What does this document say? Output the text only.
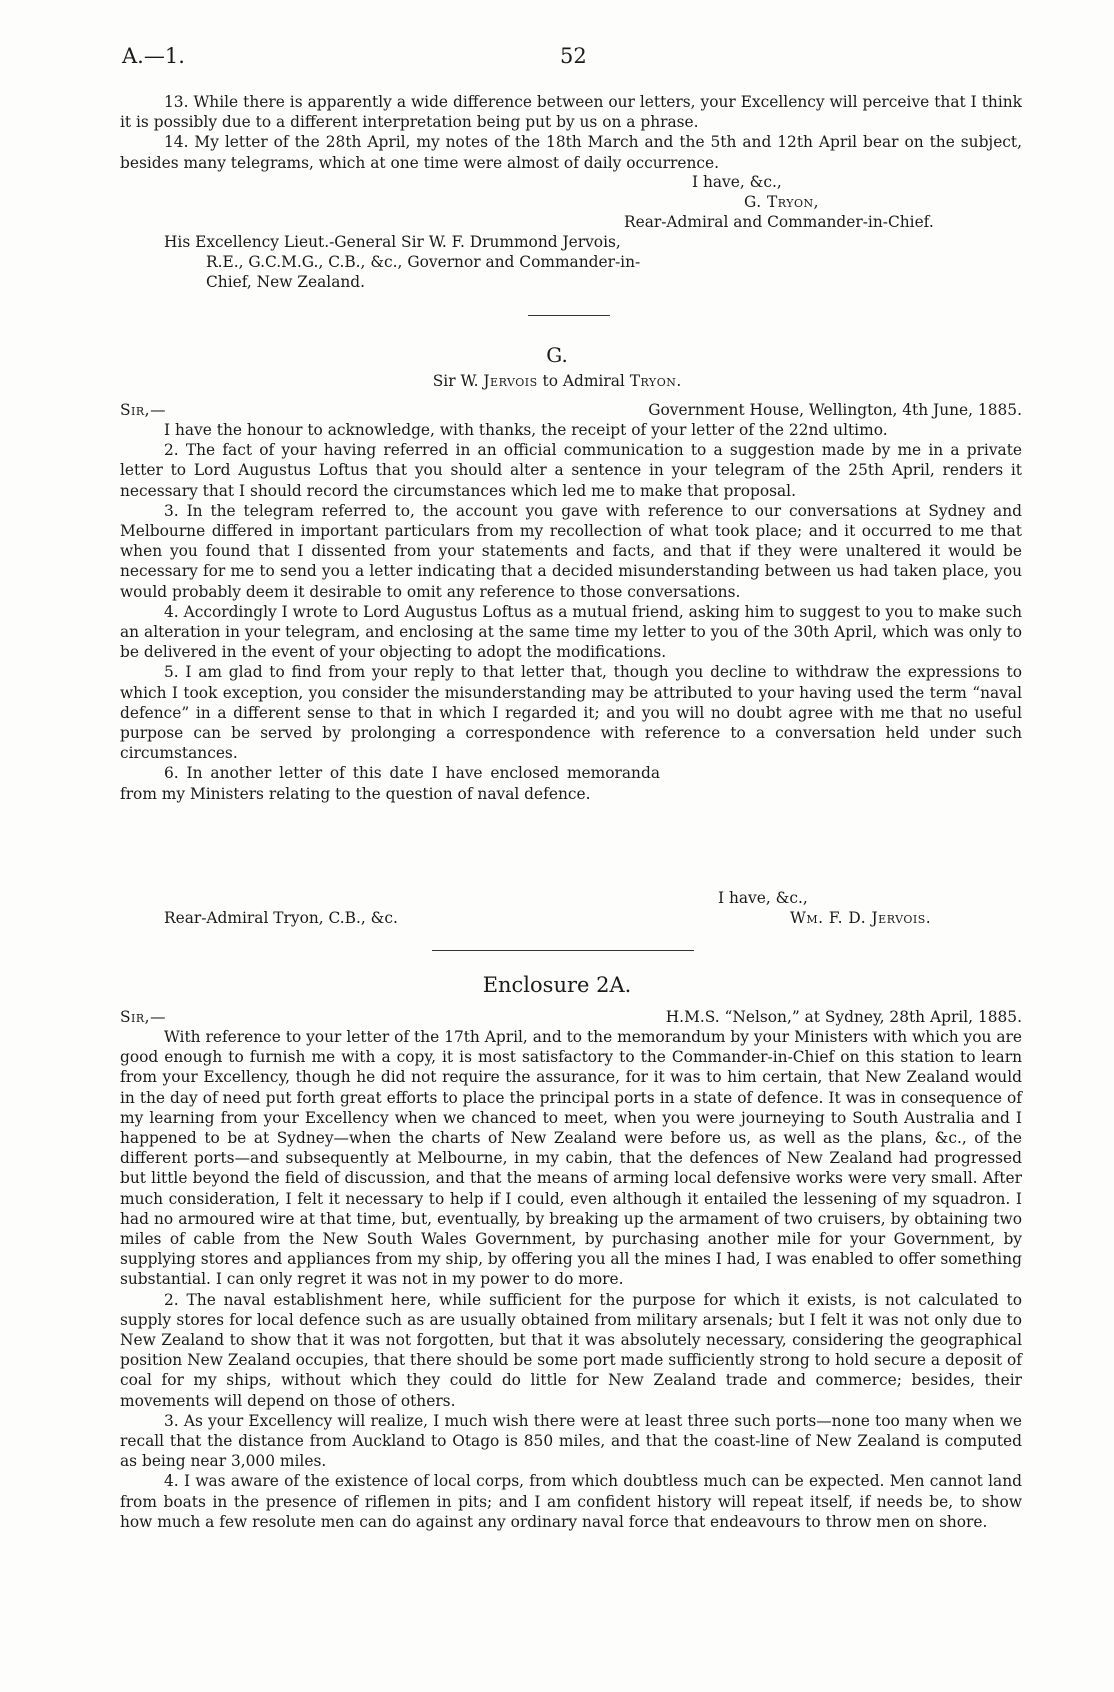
A.—1.	52

13. While there is apparently a wide difference between our letters, your Excellency will perceive that I think it is possibly due to a different interpretation being put by us on a phrase.

14. My letter of the 28th April, my notes of the 18th March and the 5th and 12th April bear on the subject, besides many telegrams, which at one time were almost of daily occurrence.

I have, &c.,
G. Tryon,
Rear-Admiral and Commander-in-Chief.
His Excellency Lieut.-General Sir W. F. Drummond Jervois,
R.E., G.C.M.G., C.B., &c., Governor and Commander-in-
Chief, New Zealand.
G.
Sir W. Jervois to Admiral Tryon.
Sir,—	Government House, Wellington, 4th June, 1885.

I have the honour to acknowledge, with thanks, the receipt of your letter of the 22nd ultimo.

2. The fact of your having referred in an official communication to a suggestion made by me in a private letter to Lord Augustus Loftus that you should alter a sentence in your telegram of the 25th April, renders it necessary that I should record the circumstances which led me to make that proposal.

3. In the telegram referred to, the account you gave with reference to our conversations at Sydney and Melbourne differed in important particulars from my recollection of what took place; and it occurred to me that when you found that I dissented from your statements and facts, and that if they were unaltered it would be necessary for me to send you a letter indicating that a decided misunderstanding between us had taken place, you would probably deem it desirable to omit any reference to those conversations.

4. Accordingly I wrote to Lord Augustus Loftus as a mutual friend, asking him to suggest to you to make such an alteration in your telegram, and enclosing at the same time my letter to you of the 30th April, which was only to be delivered in the event of your objecting to adopt the modifications.

5. I am glad to find from your reply to that letter that, though you decline to withdraw the expressions to which I took exception, you consider the misunderstanding may be attributed to your having used the term “naval defence” in a different sense to that in which I regarded it; and you will no doubt agree with me that no useful purpose can be served by prolonging a correspondence with reference to a conversation held under such circumstances.

6. In another letter of this date I have enclosed memoranda from my Ministers relating to the question of naval defence.

I have, &c.,
Rear-Admiral Tryon, C.B., &c.	Wm. F. D. Jervois.
Enclosure 2A.
Sir,—	H.M.S. “Nelson,” at Sydney, 28th April, 1885.

With reference to your letter of the 17th April, and to the memorandum by your Ministers with which you are good enough to furnish me with a copy, it is most satisfactory to the Commander-in-Chief on this station to learn from your Excellency, though he did not require the assurance, for it was to him certain, that New Zealand would in the day of need put forth great efforts to place the principal ports in a state of defence. It was in consequence of my learning from your Excellency when we chanced to meet, when you were journeying to South Australia and I happened to be at Sydney—when the charts of New Zealand were before us, as well as the plans, &c., of the different ports—and subsequently at Melbourne, in my cabin, that the defences of New Zealand had progressed but little beyond the field of discussion, and that the means of arming local defensive works were very small. After much consideration, I felt it necessary to help if I could, even although it entailed the lessening of my squadron. I had no armoured wire at that time, but, eventually, by breaking up the armament of two cruisers, by obtaining two miles of cable from the New South Wales Government, by purchasing another mile for your Government, by supplying stores and appliances from my ship, by offering you all the mines I had, I was enabled to offer something substantial. I can only regret it was not in my power to do more.

2. The naval establishment here, while sufficient for the purpose for which it exists, is not calculated to supply stores for local defence such as are usually obtained from military arsenals; but I felt it was not only due to New Zealand to show that it was not forgotten, but that it was absolutely necessary, considering the geographical position New Zealand occupies, that there should be some port made sufficiently strong to hold secure a deposit of coal for my ships, without which they could do little for New Zealand trade and commerce; besides, their movements will depend on those of others.

3. As your Excellency will realize, I much wish there were at least three such ports—none too many when we recall that the distance from Auckland to Otago is 850 miles, and that the coast-line of New Zealand is computed as being near 3,000 miles.

4. I was aware of the existence of local corps, from which doubtless much can be expected. Men cannot land from boats in the presence of riflemen in pits; and I am confident history will repeat itself, if needs be, to show how much a few resolute men can do against any ordinary naval force that endeavours to throw men on shore.
